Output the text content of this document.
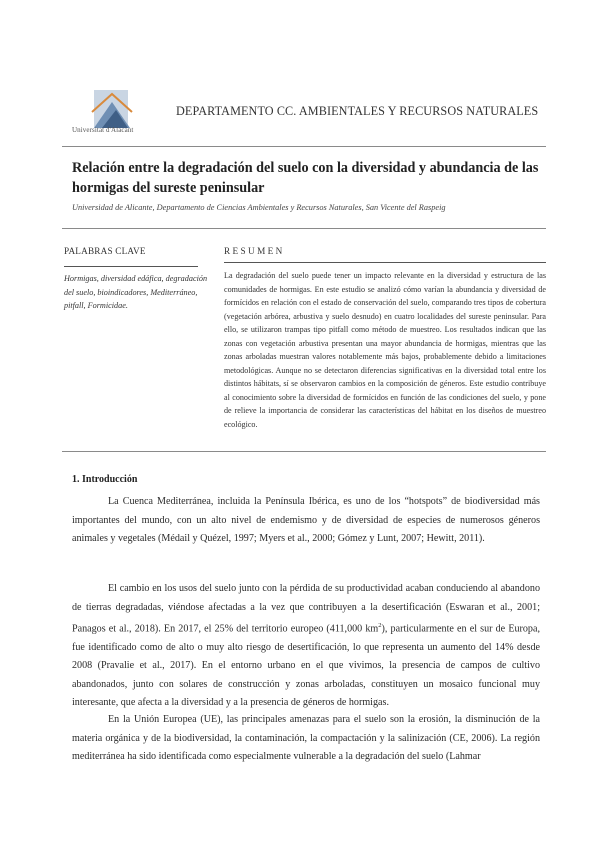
Universitat d'Alacant
DEPARTAMENTO CC. AMBIENTALES Y RECURSOS NATURALES
Relación entre la degradación del suelo con la diversidad y abundancia de las hormigas del sureste peninsular
Universidad de Alicante, Departamento de Ciencias Ambientales y Recursos Naturales, San Vicente del Raspeig
PALABRAS CLAVE

Hormigas, diversidad edáfica, degradación del suelo, bioindicadores, Mediterráneo, pitfall, Formicidae.

RESUMEN

La degradación del suelo puede tener un impacto relevante en la diversidad y estructura de las comunidades de hormigas. En este estudio se analizó cómo varían la abundancia y diversidad de formícidos en relación con el estado de conservación del suelo, comparando tres tipos de cobertura (vegetación arbórea, arbustiva y suelo desnudo) en cuatro localidades del sureste peninsular. Para ello, se utilizaron trampas tipo pitfall como método de muestreo. Los resultados indican que las zonas con vegetación arbustiva presentan una mayor abundancia de hormigas, mientras que las zonas arboladas muestran valores notablemente más bajos, probablemente debido a limitaciones metodológicas. Aunque no se detectaron diferencias significativas en la diversidad total entre los distintos hábitats, sí se observaron cambios en la composición de géneros. Este estudio contribuye al conocimiento sobre la diversidad de formícidos en función de las condiciones del suelo, y pone de relieve la importancia de considerar las características del hábitat en los diseños de muestreo ecológico.

1. Introducción

La Cuenca Mediterránea, incluida la Península Ibérica, es uno de los “hotspots” de biodiversidad más importantes del mundo, con un alto nivel de endemismo y de diversidad de especies de numerosos géneros animales y vegetales (Médail y Quézel, 1997; Myers et al., 2000; Gómez y Lunt, 2007; Hewitt, 2011).

El cambio en los usos del suelo junto con la pérdida de su productividad acaban conduciendo al abandono de tierras degradadas, viéndose afectadas a la vez que contribuyen a la desertificación (Eswaran et al., 2001; Panagos et al., 2018). En 2017, el 25% del territorio europeo (411,000 $km^2$), particularmente en el sur de Europa, fue identificado como de alto o muy alto riesgo de desertificación, lo que representa un aumento del 14% desde 2008 (Pravalie et al., 2017). En el entorno urbano en el que vivimos, la presencia de campos de cultivo abandonados, junto con solares de construcción y zonas arboladas, constituyen un mosaico funcional muy interesante, que afecta a la diversidad y a la presencia de géneros de hormigas.

En la Unión Europea (UE), las principales amenazas para el suelo son la erosión, la disminución de la materia orgánica y de la biodiversidad, la contaminación, la compactación y la salinización (CE, 2006). La región mediterránea ha sido identificada como especialmente vulnerable a la degradación del suelo (Lahmar
